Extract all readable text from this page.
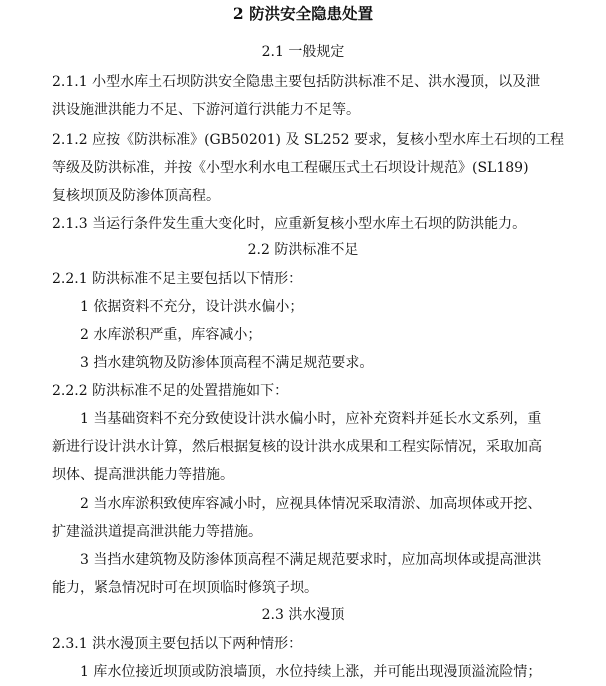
2 防洪安全隐患处置
2.1 一般规定
2.1.1 小型水库土石坝防洪安全隐患主要包括防洪标准不足、洪水漫顶，以及泄
洪设施泄洪能力不足、下游河道行洪能力不足等。
2.1.2 应按《防洪标准》(GB50201) 及 SL252 要求，复核小型水库土石坝的工程
等级及防洪标准，并按《小型水利水电工程碾压式土石坝设计规范》(SL189)
复核坝顶及防渗体顶高程。
2.1.3 当运行条件发生重大变化时，应重新复核小型水库土石坝的防洪能力。
2.2 防洪标准不足
2.2.1 防洪标准不足主要包括以下情形：
1 依据资料不充分，设计洪水偏小；
2 水库淤积严重，库容减小；
3 挡水建筑物及防渗体顶高程不满足规范要求。
2.2.2 防洪标准不足的处置措施如下：
1 当基础资料不充分致使设计洪水偏小时，应补充资料并延长水文系列，重
新进行设计洪水计算，然后根据复核的设计洪水成果和工程实际情况，采取加高
坝体、提高泄洪能力等措施。
2 当水库淤积致使库容减小时，应视具体情况采取清淤、加高坝体或开挖、
扩建溢洪道提高泄洪能力等措施。
3 当挡水建筑物及防渗体顶高程不满足规范要求时，应加高坝体或提高泄洪
能力，紧急情况时可在坝顶临时修筑子坝。
2.3 洪水漫顶
2.3.1 洪水漫顶主要包括以下两种情形：
1 库水位接近坝顶或防浪墙顶，水位持续上涨，并可能出现漫顶溢流险情；
